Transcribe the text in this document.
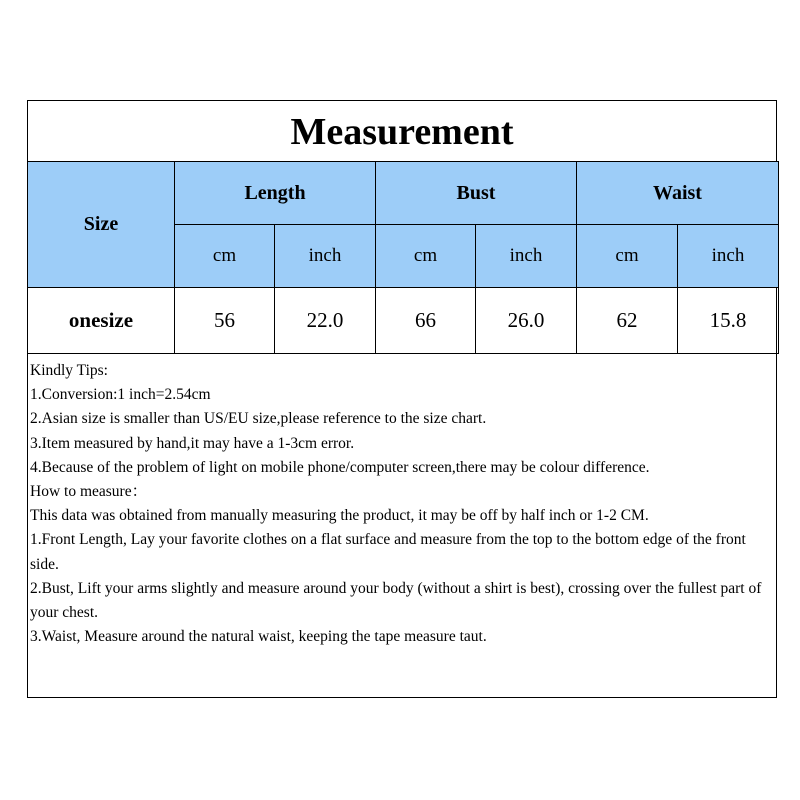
Measurement
Size	Length		Bust		Waist	
	cm	inch	cm	inch	cm	inch
onesize	56	22.0	66	26.0	62	15.8
Kindly Tips:
1.Conversion:1 inch=2.54cm
2.Asian size is smaller than US/EU size,please reference to the size chart.
3.Item measured by hand,it may have a 1-3cm error.
4.Because of the problem of light on mobile phone/computer screen,there may be colour difference.
How to measure：
This data was obtained from manually measuring the product, it may be off by half inch or 1-2 CM.
1.Front Length, Lay your favorite clothes on a flat surface and measure from the top to the bottom edge of the front side.
2.Bust, Lift your arms slightly and measure around your body (without a shirt is best), crossing over the fullest part of your chest.
3.Waist, Measure around the natural waist, keeping the tape measure taut.
